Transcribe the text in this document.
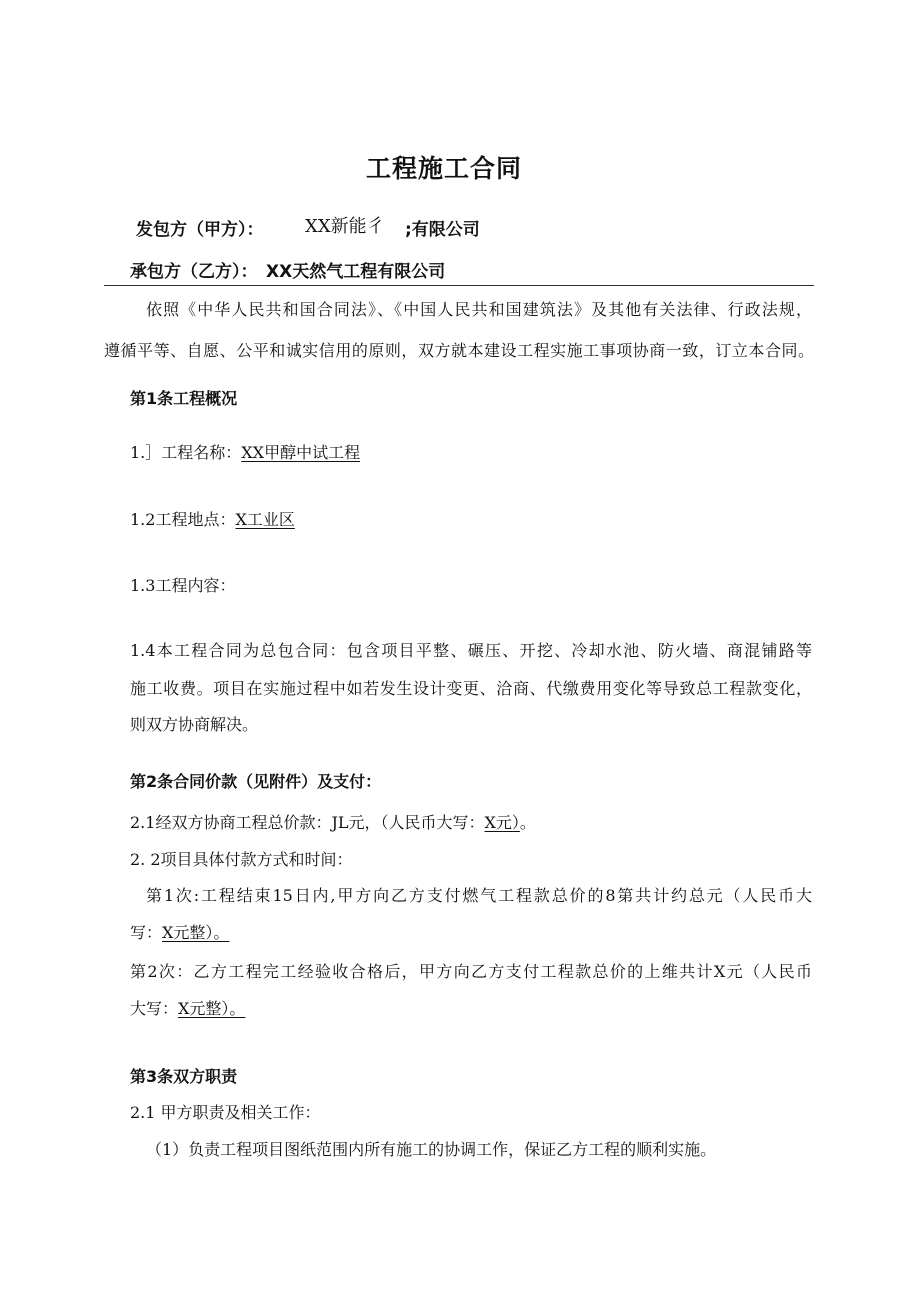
工程施工合同
发包方（甲方）： XX新能彳 ;有限公司
承包方（乙方）： XX天然气工程有限公司
依照《中华人民共和国合同法》、《中国人民共和国建筑法》及其他有关法律、行政法规，
遵循平等、自愿、公平和诚实信用的原则，双方就本建设工程实施工事项协商一致，订立本合同。
第1条工程概况
1.］工程名称：XX甲醇中试工程
1.2工程地点：X工业区
1.3工程内容：
1.4本工程合同为总包合同：包含项目平整、碾压、开挖、冷却水池、防火墙、商混铺路等
施工收费。项目在实施过程中如若发生设计变更、洽商、代缴费用变化等导致总工程款变化，
则双方协商解决。
第2条合同价款（见附件）及支付：
2.1经双方协商工程总价款：JL元，（人民币大写：X元）。
2. 2项目具体付款方式和时间：
第1次:工程结束15日内,甲方向乙方支付燃气工程款总价的8第共计约总元（人民币大
写：X元整）。
第2次：乙方工程完工经验收合格后，甲方向乙方支付工程款总价的上维共计X元（人民币
大写：X元整）。
第3条双方职责
2.1 甲方职责及相关工作：
（1）负责工程项目图纸范围内所有施工的协调工作，保证乙方工程的顺利实施。
